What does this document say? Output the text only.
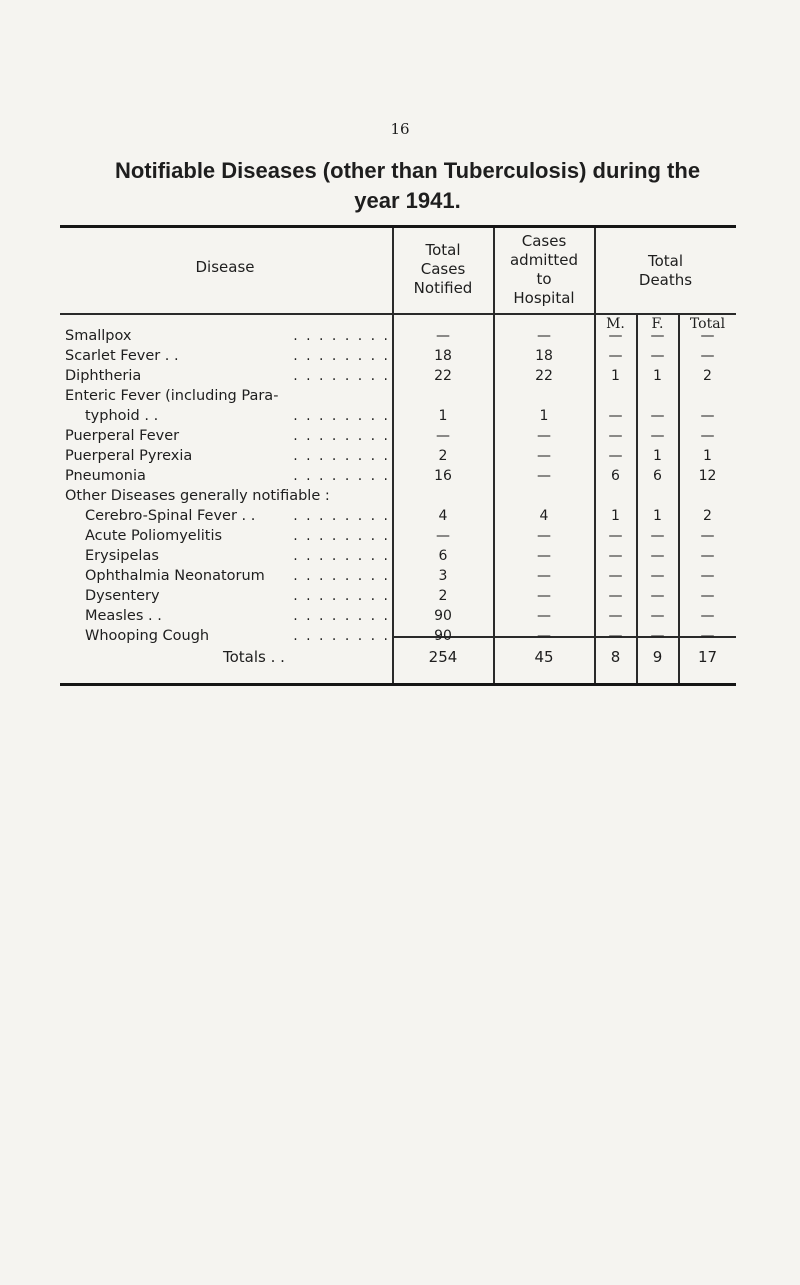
16
Notifiable Diseases (other than Tuberculosis) during the
year 1941.
Disease
Total
Cases
Notified
Cases
admitted
to
Hospital
Total
Deaths
M.	F.	Total
. . . . . . . .
Smallpox	—	—	—	—	—
. . . . . . . .
Scarlet Fever . .	18	18	—	—	—
. . . . . . . .
Diphtheria	22	22	1	1	2
Enteric Fever (including Para-
. . . . . . . .
typhoid . .	1	1	—	—	—
. . . . . . . .
Puerperal Fever	—	—	—	—	—
. . . . . . . .
Puerperal Pyrexia	2	—	—	1	1
. . . . . . . .
Pneumonia	16	—	6	6	12
Other Diseases generally notifiable :
. . . . . . . .
Cerebro-Spinal Fever . .	4	4	1	1	2
. . . . . . . .
Acute Poliomyelitis	—	—	—	—	—
. . . . . . . .
Erysipelas	6	—	—	—	—
. . . . . . . .
Ophthalmia Neonatorum	3	—	—	—	—
. . . . . . . .
Dysentery	2	—	—	—	—
. . . . . . . .
Measles . .	90	—	—	—	—
. . . . . . . .
Whooping Cough	90	—	—	—	—
Totals . .	254	45	8	9	17
